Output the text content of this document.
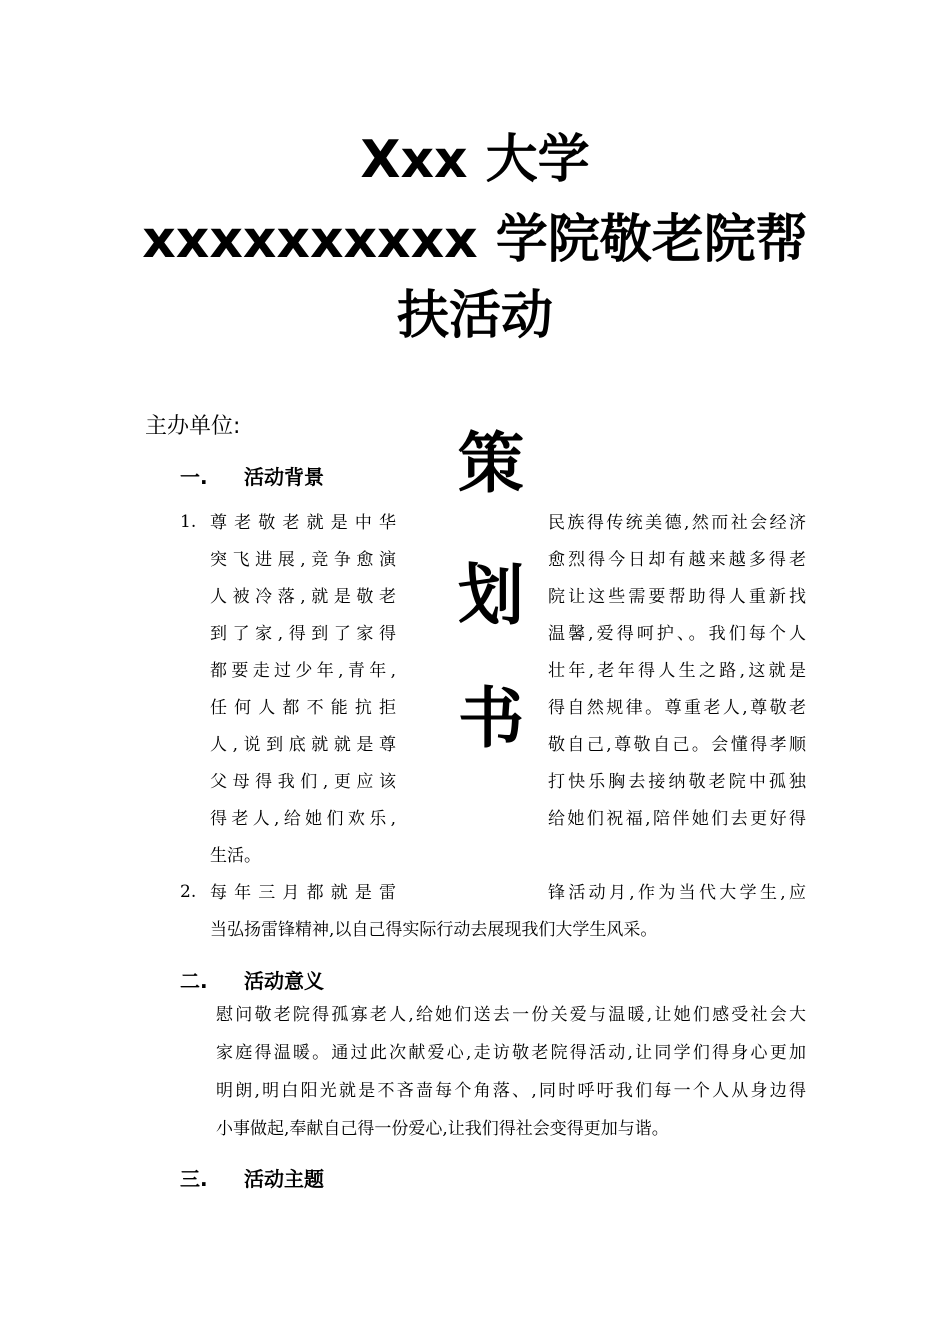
Xxx 大学
xxxxxxxxxx 学院敬老院帮
扶活动
主办单位:	策
划
书
一. 活动背景
1. 尊老敬老就是中华
突飞进展,竞争愈演
人被冷落,就是敬老
到了家,得到了家得
都要走过少年,青年,
任何人都不能抗拒
人,说到底就就是尊
父母得我们,更应该
得老人,给她们欢乐,
生活。
民族得传统美德,然而社会经济
愈烈得今日却有越来越多得老
院让这些需要帮助得人重新找
温馨,爱得呵护、。我们每个人
壮年,老年得人生之路,这就是
得自然规律。尊重老人,尊敬老
敬自己,尊敬自己。会懂得孝顺
打快乐胸去接纳敬老院中孤独
给她们祝福,陪伴她们去更好得
2. 每年三月都就是雷	锋活动月,作为当代大学生,应
当弘扬雷锋精神,以自己得实际行动去展现我们大学生风采。
二. 活动意义
慰问敬老院得孤寡老人,给她们送去一份关爱与温暖,让她们感受社会大
家庭得温暖。通过此次献爱心,走访敬老院得活动,让同学们得身心更加
明朗,明白阳光就是不吝啬每个角落、,同时呼吁我们每一个人从身边得
小事做起,奉献自己得一份爱心,让我们得社会变得更加与谐。
三. 活动主题
